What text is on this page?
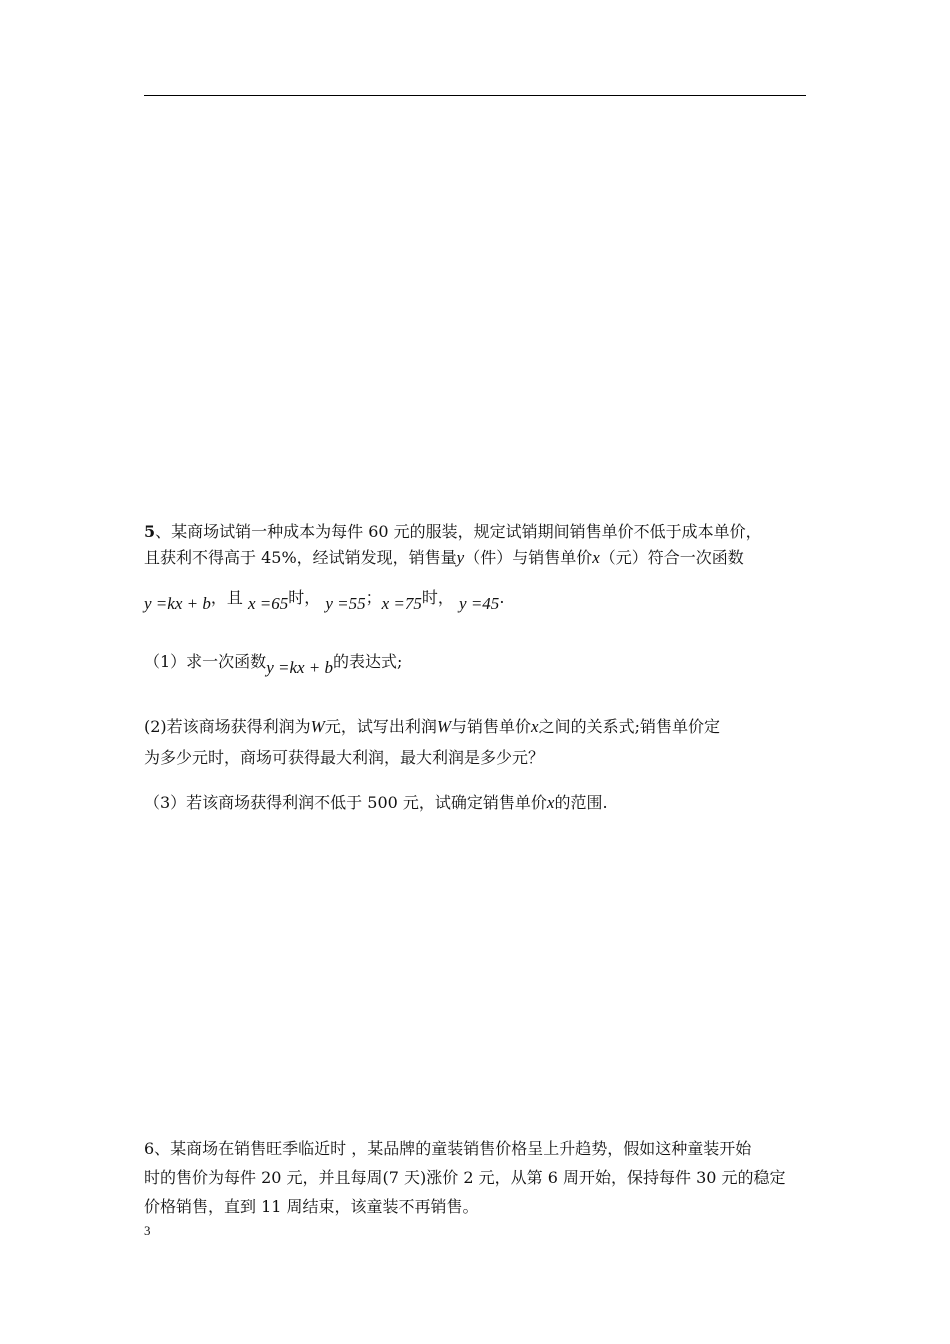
5、某商场试销一种成本为每件 60 元的服装，规定试销期间销售单价不低于成本单价，
且获利不得高于 45%，经试销发现，销售量y（件）与销售单价x（元）符合一次函数
y =kx + b，且 x =65时， y =55；x =75时， y =45.
（1）求一次函数y =kx + b的表达式;
(2)若该商场获得利润为W元，试写出利润W与销售单价x之间的关系式;销售单价定
为多少元时，商场可获得最大利润，最大利润是多少元？
（3）若该商场获得利润不低于 500 元，试确定销售单价x的范围.
6、某商场在销售旺季临近时 ，某品牌的童装销售价格呈上升趋势，假如这种童装开始
时的售价为每件 20 元，并且每周(7 天)涨价 2 元，从第 6 周开始，保持每件 30 元的稳定
价格销售，直到 11 周结束，该童装不再销售。
3
